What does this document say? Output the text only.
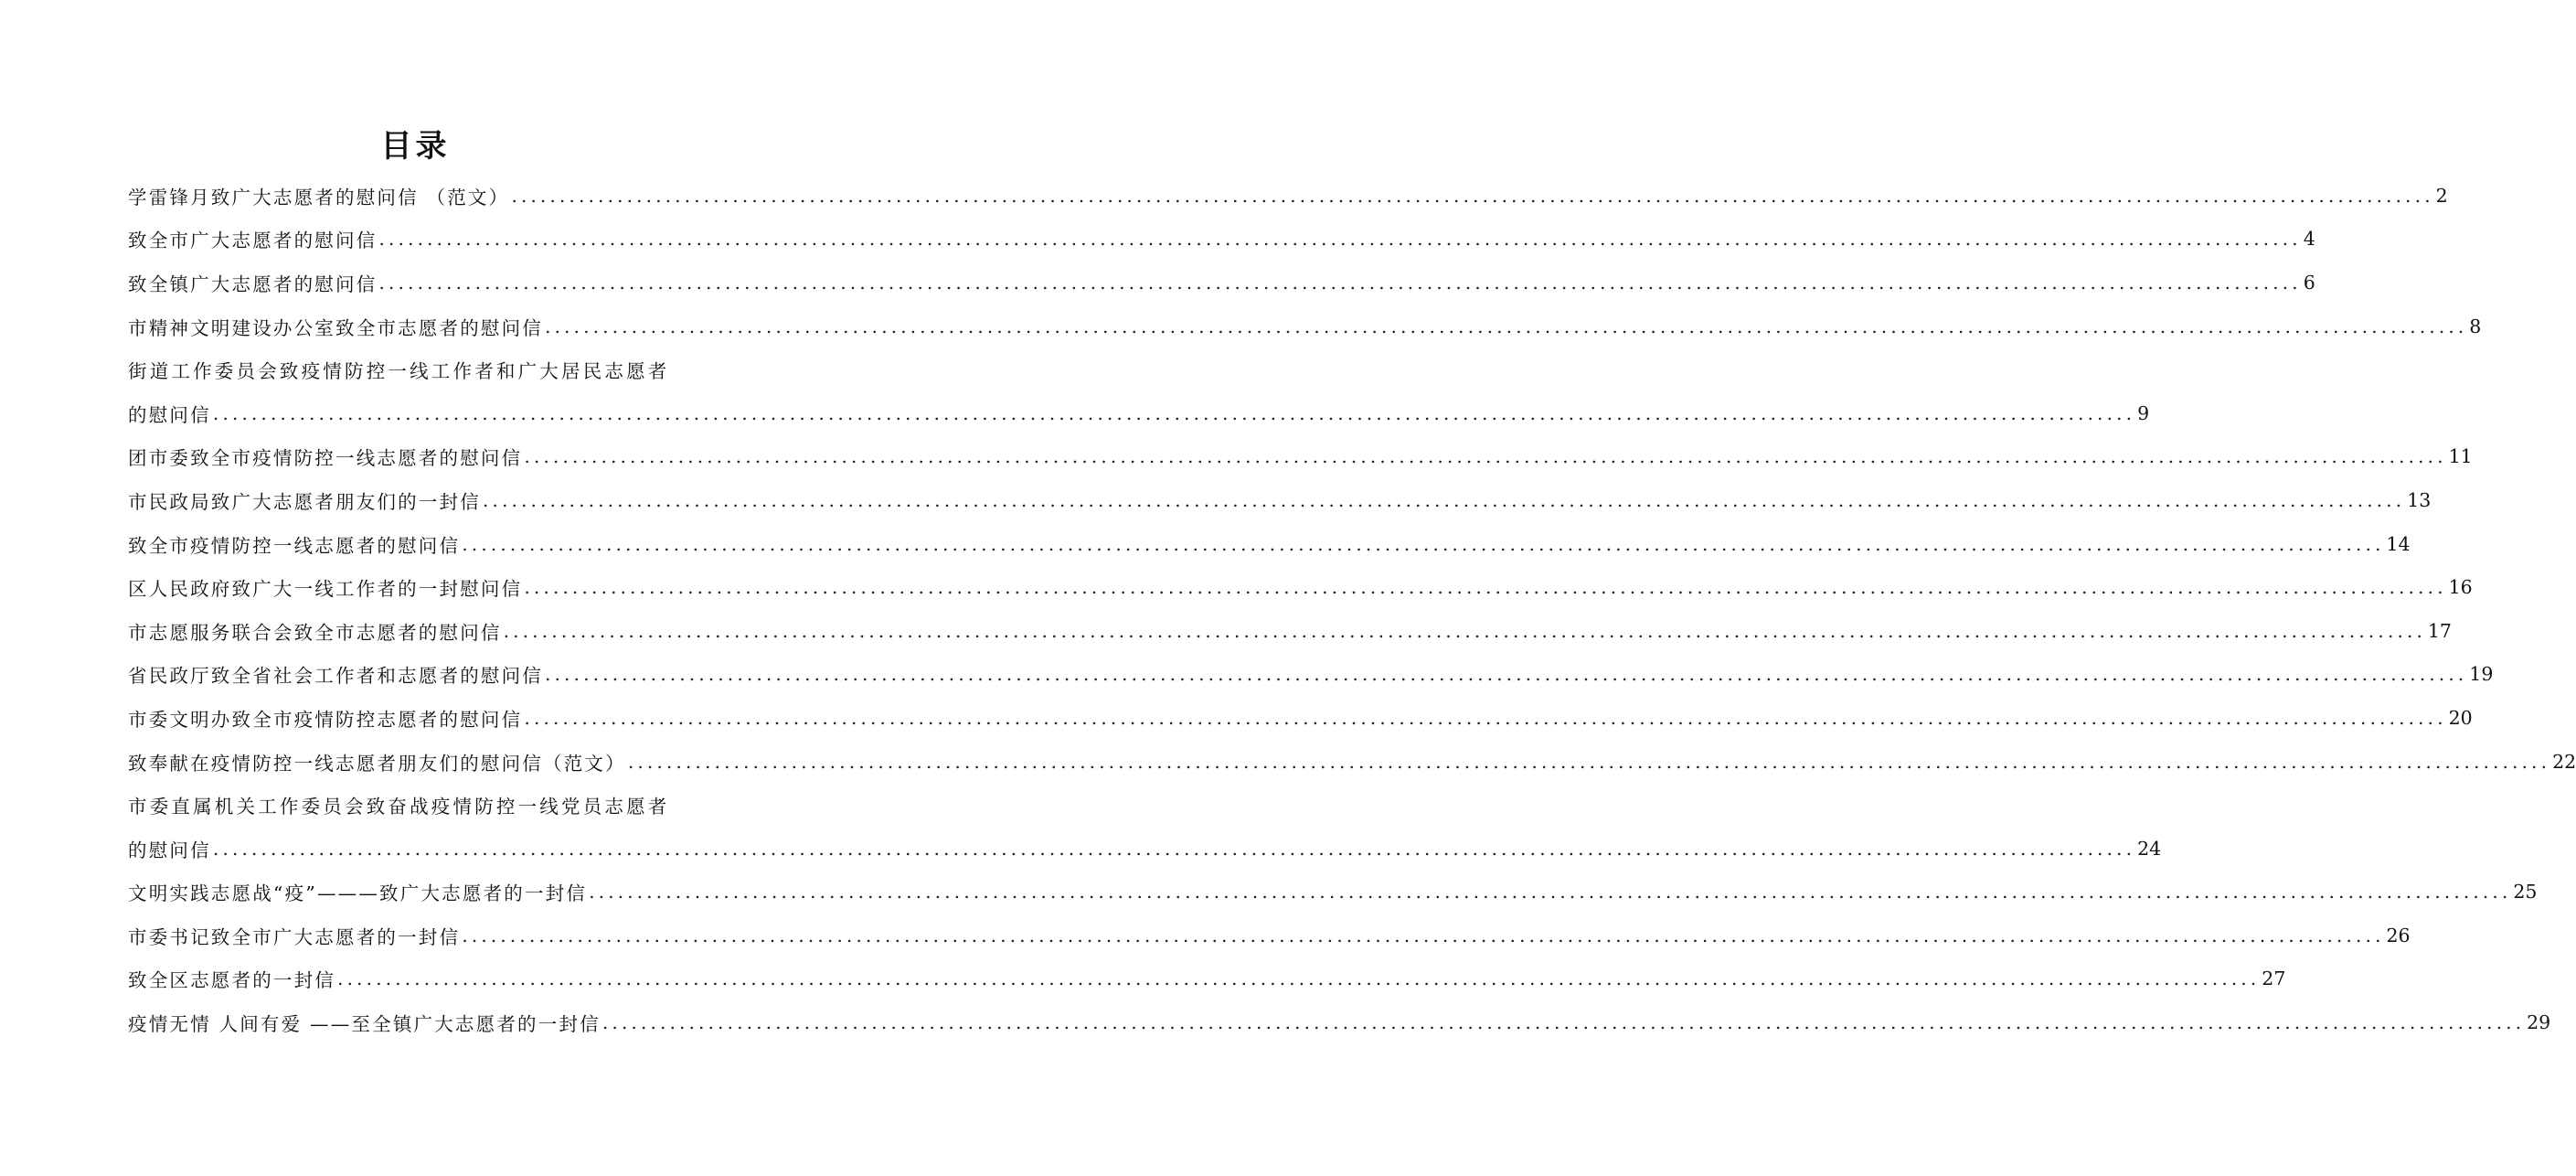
目录
学雷锋月致广大志愿者的慰问信 （范文） ........................................................................................................................................................................................................ 2
致全市广大志愿者的慰问信 ........................................................................................................................................................................................................ 4
致全镇广大志愿者的慰问信 ........................................................................................................................................................................................................ 6
市精神文明建设办公室致全市志愿者的慰问信 ........................................................................................................................................................................................................ 8
街道工作委员会致疫情防控一线工作者和广大居民志愿者
的慰问信 ........................................................................................................................................................................................................ 9
团市委致全市疫情防控一线志愿者的慰问信 ........................................................................................................................................................................................................ 11
市民政局致广大志愿者朋友们的一封信 ........................................................................................................................................................................................................ 13
致全市疫情防控一线志愿者的慰问信 ........................................................................................................................................................................................................ 14
区人民政府致广大一线工作者的一封慰问信 ........................................................................................................................................................................................................ 16
市志愿服务联合会致全市志愿者的慰问信 ........................................................................................................................................................................................................ 17
省民政厅致全省社会工作者和志愿者的慰问信 ........................................................................................................................................................................................................ 19
市委文明办致全市疫情防控志愿者的慰问信 ........................................................................................................................................................................................................ 20
致奉献在疫情防控一线志愿者朋友们的慰问信（范文） ........................................................................................................................................................................................................ 22
市委直属机关工作委员会致奋战疫情防控一线党员志愿者
的慰问信 ........................................................................................................................................................................................................ 24
文明实践志愿战“疫”———致广大志愿者的一封信 ........................................................................................................................................................................................................ 25
市委书记致全市广大志愿者的一封信 ........................................................................................................................................................................................................ 26
致全区志愿者的一封信 ........................................................................................................................................................................................................ 27
疫情无情 人间有爱 ——至全镇广大志愿者的一封信 ........................................................................................................................................................................................................ 29
